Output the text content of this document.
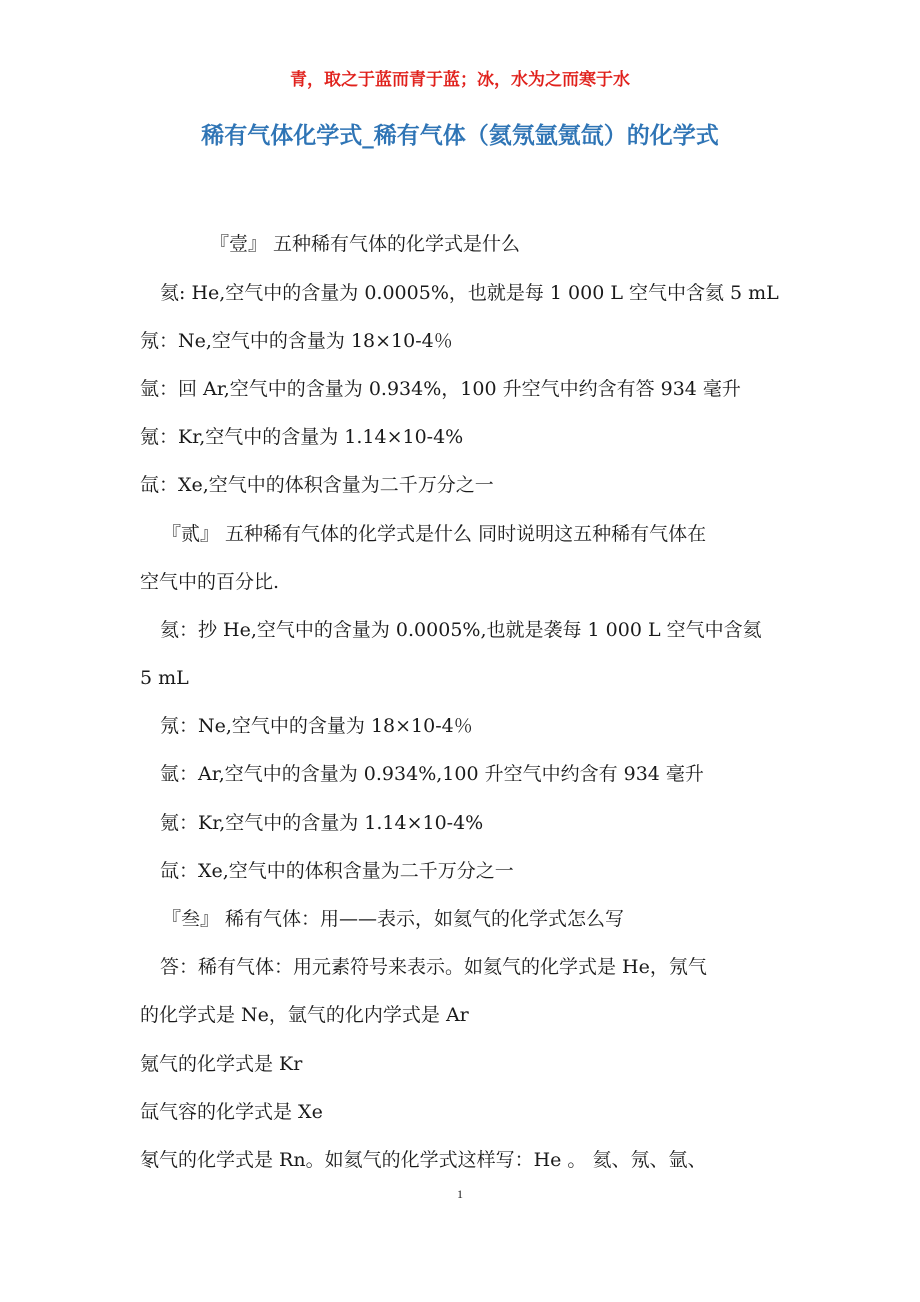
青，取之于蓝而青于蓝；冰，水为之而寒于水
稀有气体化学式_稀有气体（氦氖氩氪氙）的化学式
『壹』 五种稀有气体的化学式是什么
氦: He,空气中的含量为 0.0005%，也就是每 1 000 L 空气中含氦 5 mL
氖：Ne,空气中的含量为 18×10-4％
氩：回 Ar,空气中的含量为 0.934%，100 升空气中约含有答 934 毫升
氪：Kr,空气中的含量为 1.14×10-4%
氙：Xe,空气中的体积含量为二千万分之一
『贰』 五种稀有气体的化学式是什么 同时说明这五种稀有气体在
空气中的百分比.
氦：抄 He,空气中的含量为 0.0005%,也就是袭每 1 000 L 空气中含氦
5 mL
氖：Ne,空气中的含量为 18×10-4％
氩：Ar,空气中的含量为 0.934%,100 升空气中约含有 934 毫升
氪：Kr,空气中的含量为 1.14×10-4%
氙：Xe,空气中的体积含量为二千万分之一
『叁』 稀有气体：用——表示，如氦气的化学式怎么写
答：稀有气体：用元素符号来表示。如氦气的化学式是 He，氖气
的化学式是 Ne，氩气的化内学式是 Ar
氪气的化学式是 Kr
氙气容的化学式是 Xe
氡气的化学式是 Rn。如氦气的化学式这样写：He 。 氦、氖、氩、
1
